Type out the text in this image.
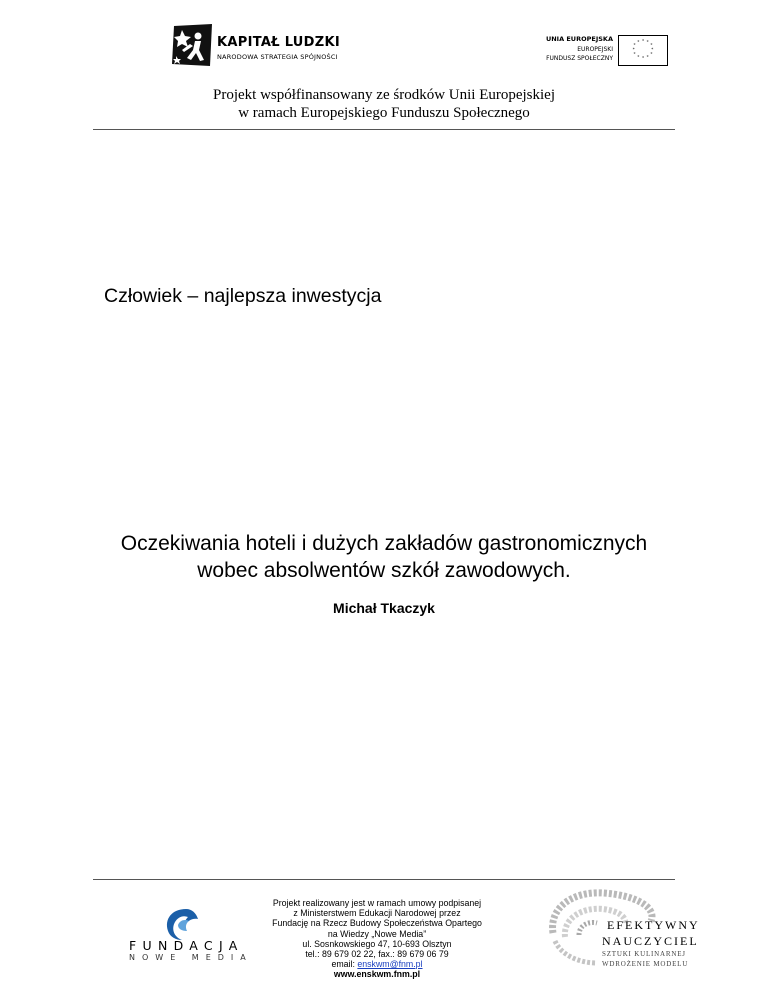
KAPITAŁ LUDZKI
NARODOWA STRATEGIA SPÓJNOŚCI
UNIA EUROPEJSKA
EUROPEJSKI
FUNDUSZ SPOŁECZNY
* *
*
*
*
*
*
*
*
*
*
*
Projekt współfinansowany ze środków Unii Europejskiej
w ramach Europejskiego Funduszu Społecznego
Człowiek – najlepsza inwestycja
Oczekiwania hoteli i dużych zakładów gastronomicznych
wobec absolwentów szkół zawodowych.
Michał Tkaczyk
FUNDACJA
NOWE MEDIA
Projekt realizowany jest w ramach umowy podpisanej
z Ministerstwem Edukacji Narodowej przez
Fundację na Rzecz Budowy Społeczeństwa Opartego
na Wiedzy „Nowe Media”
ul. Sosnkowskiego 47, 10-693 Olsztyn
tel.: 89 679 02 22, fax.: 89 679 06 79
email: enskwm@fnm.pl
www.enskwm.fnm.pl
EFEKTYWNY
NAUCZYCIEL
SZTUKI KULINARNEJ
WDROŻENIE MODELU
